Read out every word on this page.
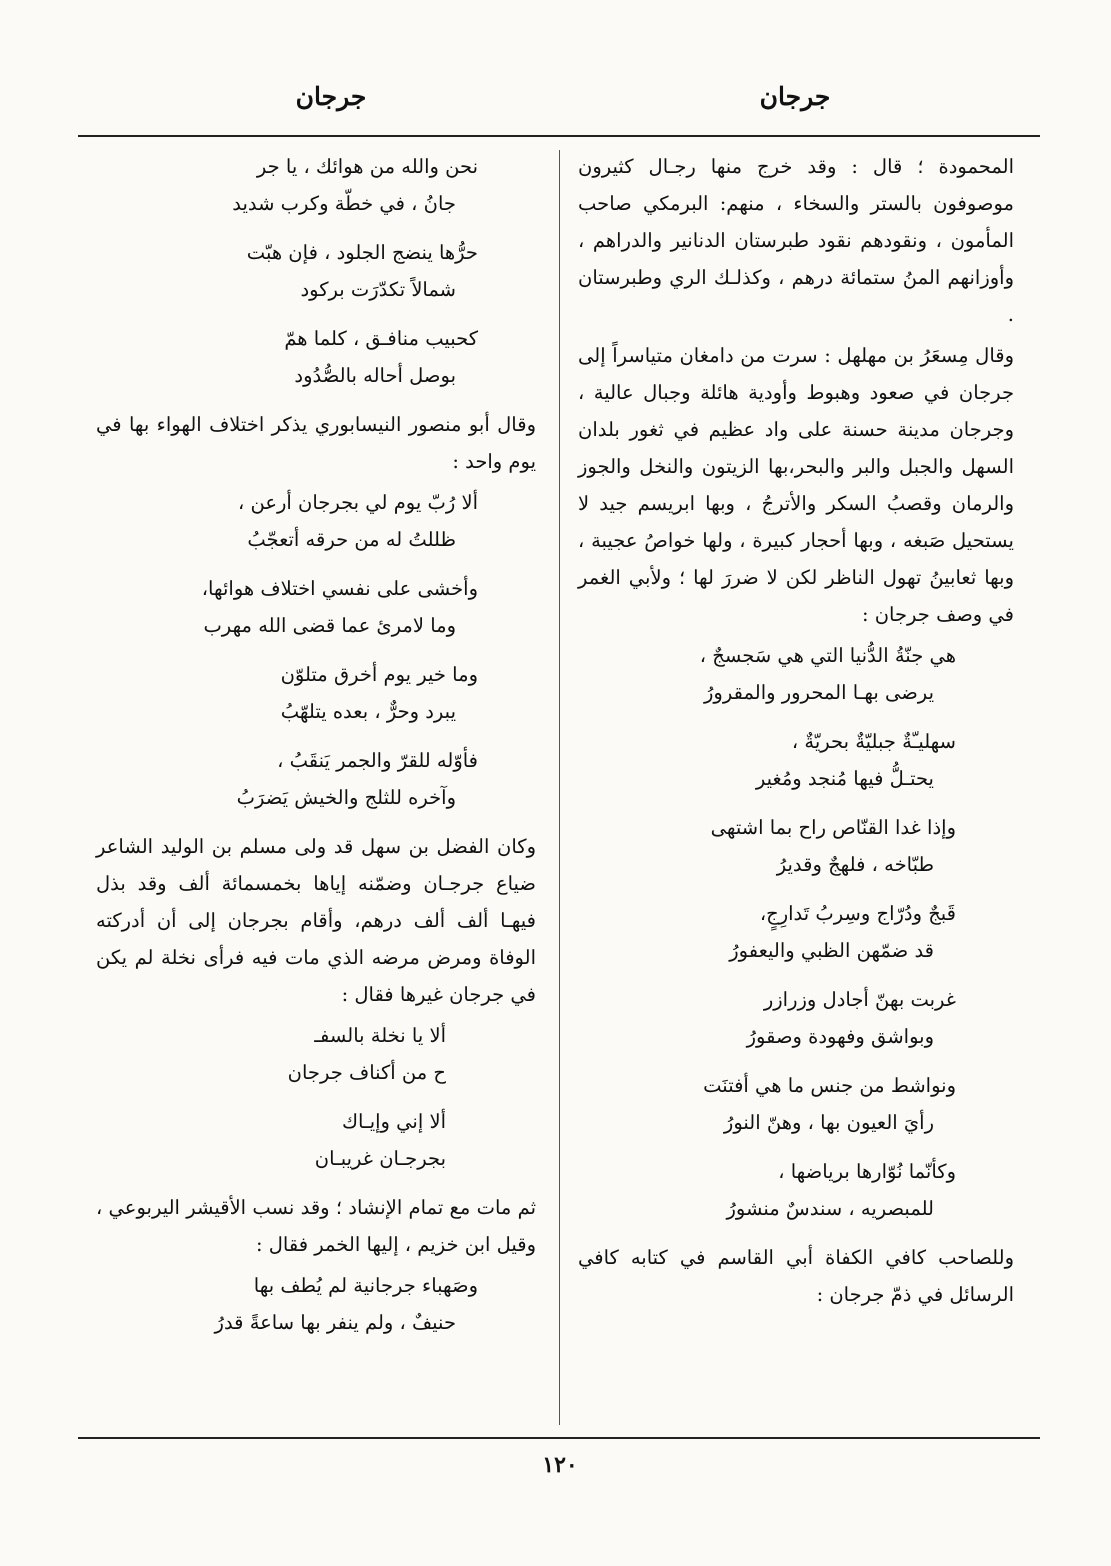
جرجان
جرجان

المحمودة ؛ قال : وقد خرج منها رجـال كثيرون موصوفون بالستر والسخاء ، منهم: البرمكي صاحب المأمون ، ونقودهم نقود طبرستان الدنانير والدراهم ، وأوزانهم المنُ ستمائة درهم ، وكذلـك الري وطبرستان .

وقال مِسعَرُ بن مهلهل : سرت من دامغان متياسراً إلى جرجان في صعود وهبوط وأودية هائلة وجبال عالية ، وجرجان مدينة حسنة على واد عظيم في ثغور بلدان السهل والجبل والبر والبحر،بها الزيتون والنخل والجوز والرمان وقصبُ السكر والأترجُ ، وبها ابريسم جيد لا يستحيل صَبغه ، وبها أحجار كبيرة ، ولها خواصُ عجيبة ، وبها ثعابينُ تهول الناظر لكن لا ضررَ لها ؛ ولأبي الغمر في وصف جرجان :

هي جنّةُ الدُّنيا التي هي سَجسجٌ ،
يرضى بهـا المحرور والمقرورُ
سهليـّةٌ جبليّةٌ بحريّةٌ ،
يحتـلُّ فيها مُنجد ومُغير
وإذا غدا القنّاص راح بما اشتهى
طبّاخه ، فلهجٌ وقديرُ
قَبجٌ ودُرّاج وسِربُ تَدارِجٍ،
قد ضمّهن الظبي واليعفورُ
غربت بهنّ أجادل وزرازر
وبواشق وفهودة وصقورُ
ونواشط من جنس ما هي أفتنَت
رأيَ العيون بها ، وهنّ النورُ
وكأنّما نُوّارها برياضها ،
للمبصريه ، سندسٌ منشورُ

وللصاحب كافي الكفاة أبي القاسم في كتابه كافي الرسائل في ذمّ جرجان :

نحن والله من هوائك ، يا جر
جانُ ، في خطّة وكرب شديد
حرُّها ينضج الجلود ، فإن هبّت
شمالاً تكدّرَت بركود
كحبيب منافـق ، كلما همّ
بوصل أحاله بالصُّدُود

وقال أبو منصور النيسابوري يذكر اختلاف الهواء بها في يوم واحد :

ألا رُبّ يوم لي بجرجان أرعن ،
ظللتُ له من حرقه أتعجّبُ
وأخشى على نفسي اختلاف هوائها،
وما لامرئ عما قضى الله مهرب
وما خير يوم أخرق متلوّن
يبرد وحرٌّ ، بعده يتلهّبُ
فأوّله للقرّ والجمر يَنقَبُ ،
وآخره للثلج والخيش يَضرَبُ

وكان الفضل بن سهل قد ولى مسلم بن الوليد الشاعر ضياع جرجـان وضمّنه إياها بخمسمائة ألف وقد بذل فيهـا ألف ألف درهم، وأقام بجرجان إلى أن أدركته الوفاة ومرض مرضه الذي مات فيه فرأى نخلة لم يكن في جرجان غيرها فقال :

ألا يا نخلة بالسفـ
ح من أكناف جرجان
ألا إني وإيـاك
بجرجـان غريبـان

ثم مات مع تمام الإنشاد ؛ وقد نسب الأقيشر اليربوعي ، وقيل ابن خزيم ، إليها الخمر فقال :

وصَهباء جرجانية لم يُطف بها
حنيفٌ ، ولم ينفر بها ساعةً قدرُ
١٢٠
